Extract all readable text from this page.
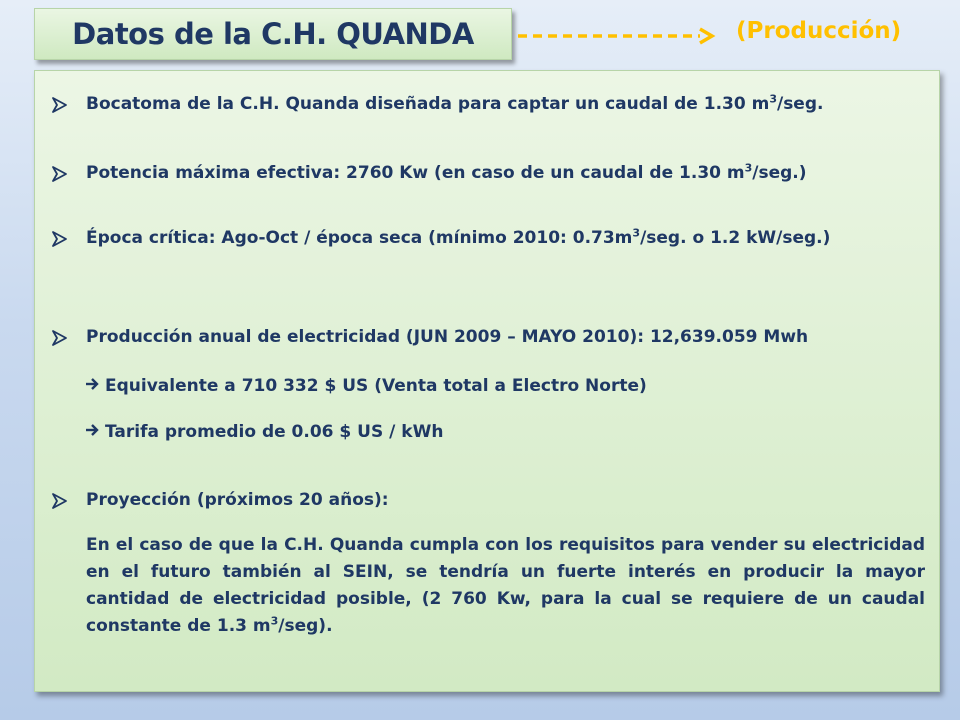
Datos de la C.H. QUANDA	(Producción)
Bocatoma de la C.H. Quanda diseñada para captar un caudal de 1.30 $m^3$/seg.
Potencia máxima efectiva: 2760 Kw (en caso de un caudal de 1.30 $m^3/seg$.)
Época crítica: Ago-Oct / época seca (mínimo 2010: $0.73m^3$/seg. o 1.2 kW/seg.)
Producción anual de electricidad (JUN 2009 – MAYO 2010): 12,639.059 Mwh
Equivalente a 710 332 $ US (Venta total a Electro Norte)
Tarifa promedio de 0.06 $ US / kWh
Proyección (próximos 20 años):
En el caso de que la C.H. Quanda cumpla con los requisitos para vender su electricidad en el futuro también al SEIN, se tendría un fuerte interés en producir la mayor cantidad de electricidad posible, (2 760 Kw, para la cual se requiere de un caudal constante de 1.3 $m^3/seg$).
